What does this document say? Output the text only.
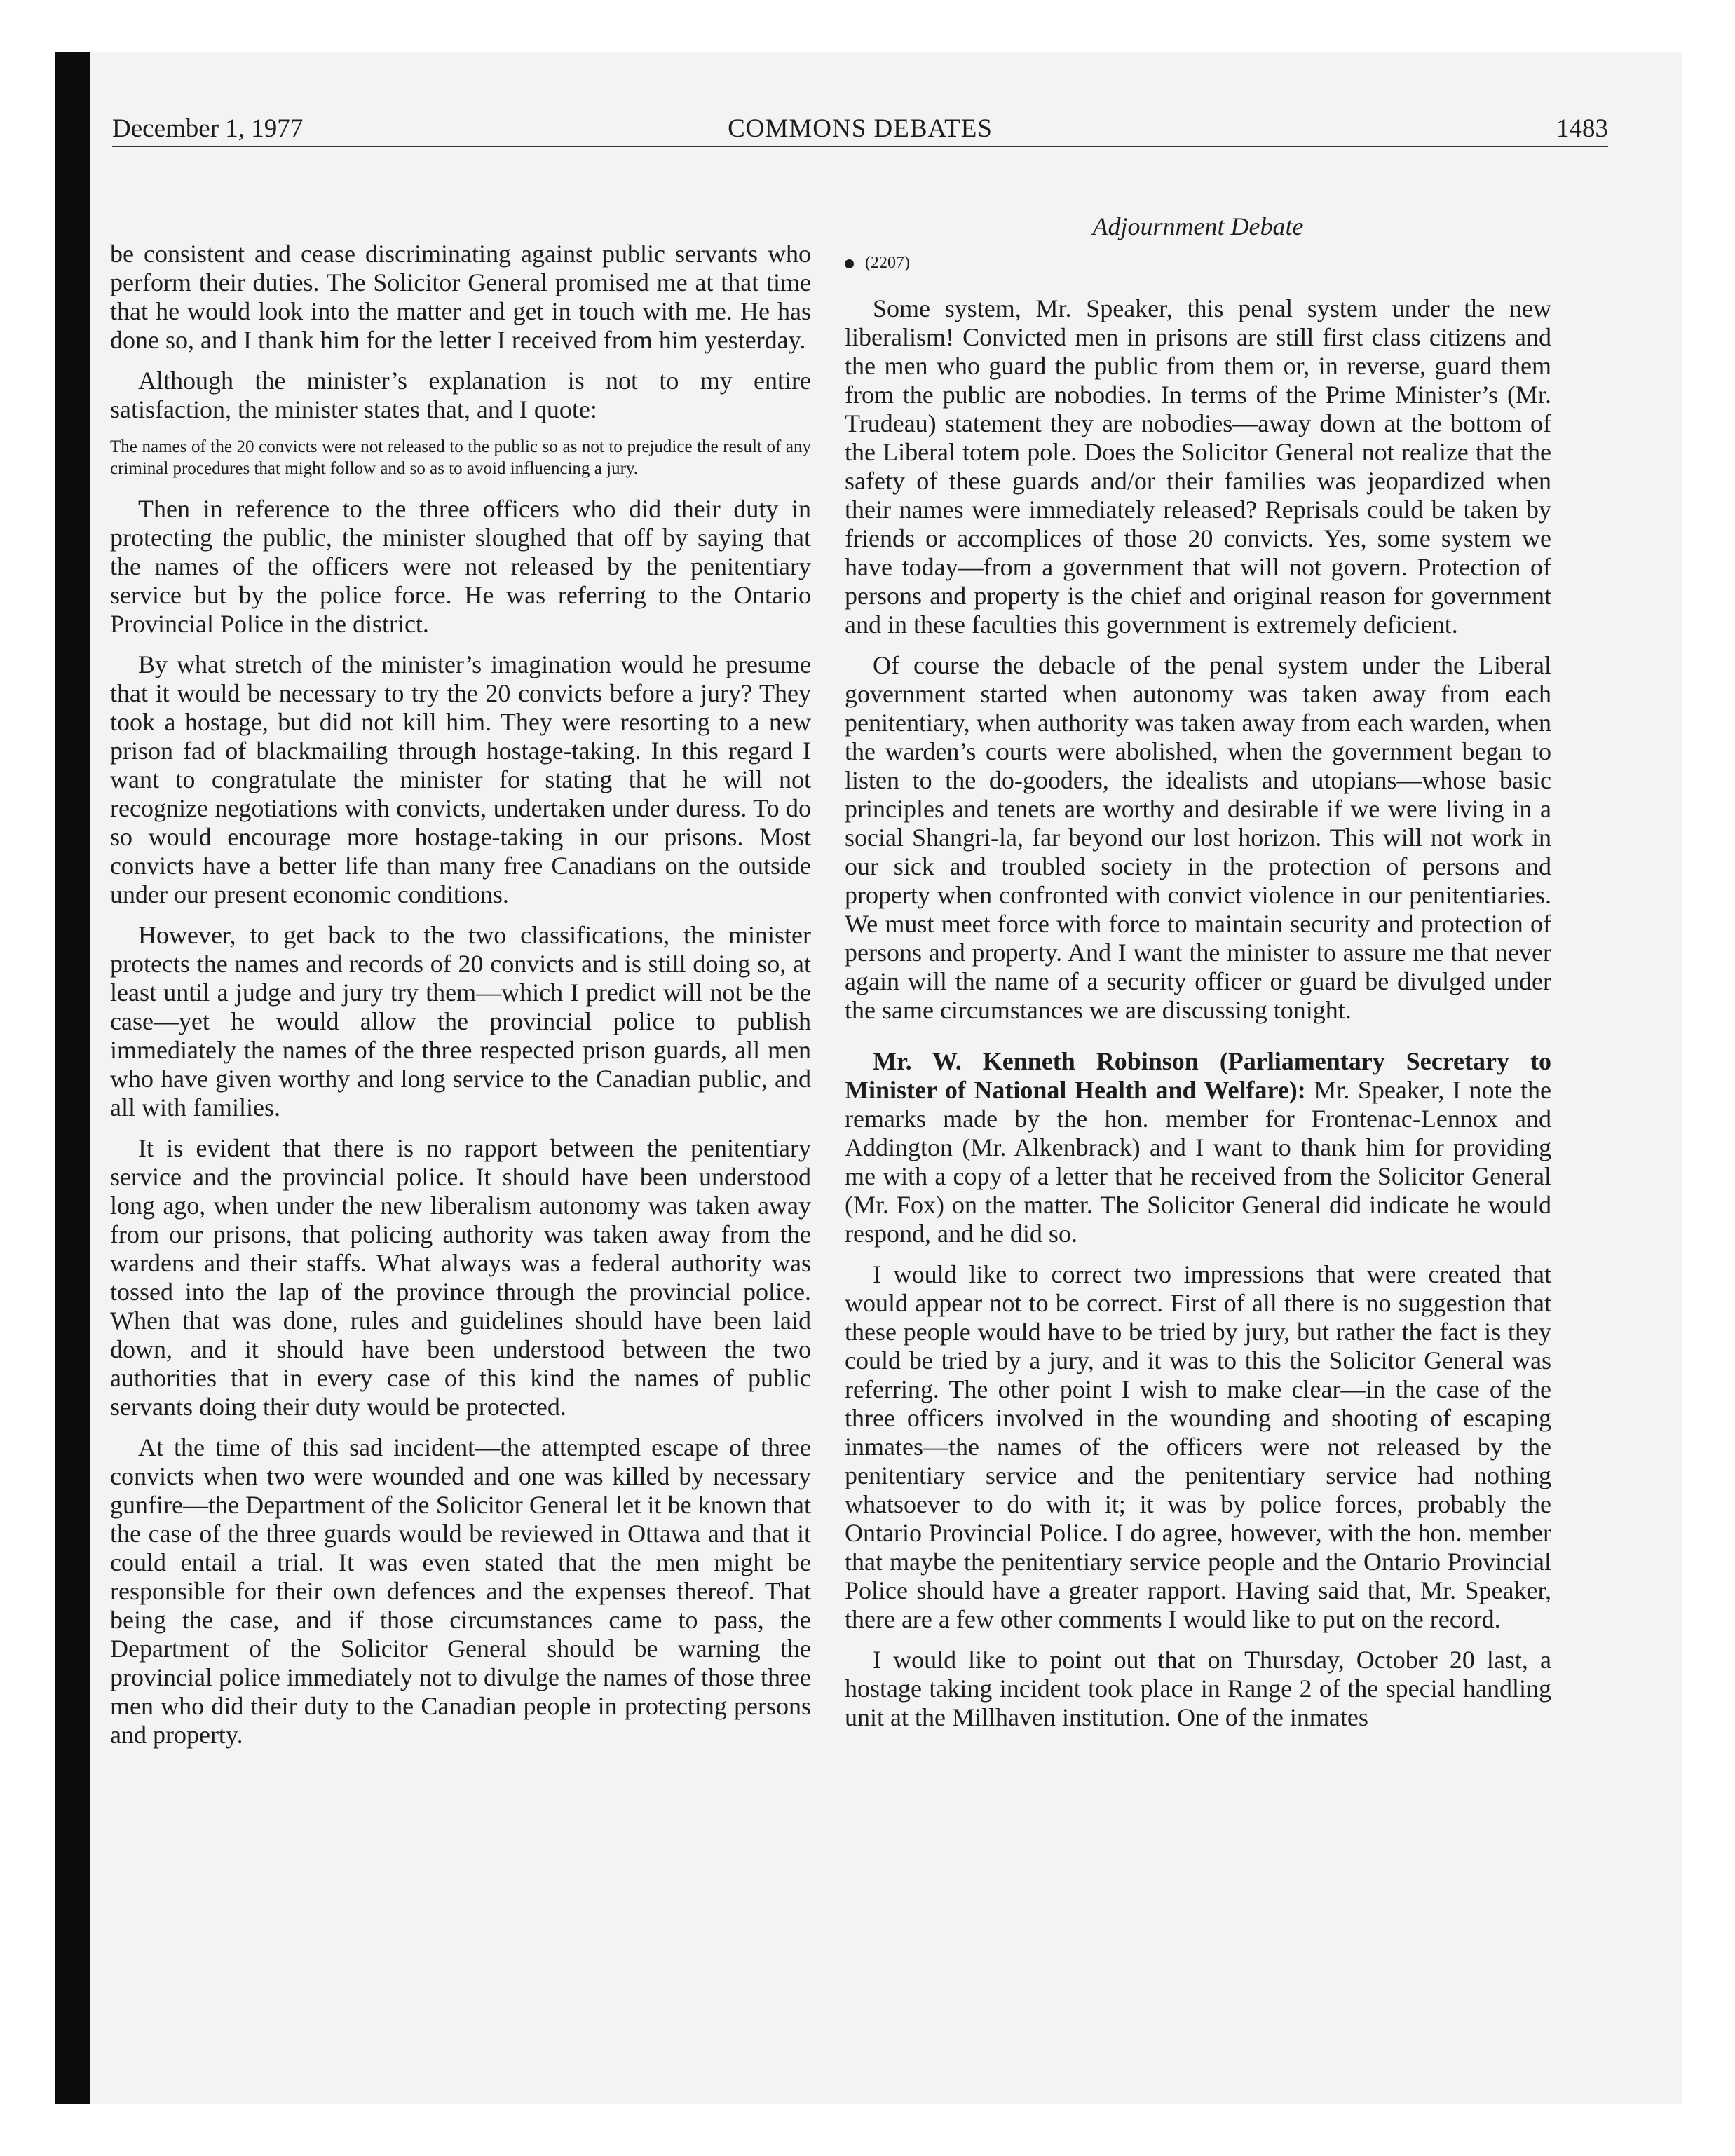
December 1, 1977	COMMONS DEBATES	1483

be consistent and cease discriminating against public servants who perform their duties. The Solicitor General promised me at that time that he would look into the matter and get in touch with me. He has done so, and I thank him for the letter I received from him yesterday.

Although the minister’s explanation is not to my entire satisfaction, the minister states that, and I quote:

The names of the 20 convicts were not released to the public so as not to prejudice the result of any criminal procedures that might follow and so as to avoid influencing a jury.

Then in reference to the three officers who did their duty in protecting the public, the minister sloughed that off by saying that the names of the officers were not released by the penitentiary service but by the police force. He was referring to the Ontario Provincial Police in the district.

By what stretch of the minister’s imagination would he presume that it would be necessary to try the 20 convicts before a jury? They took a hostage, but did not kill him. They were resorting to a new prison fad of blackmailing through hostage-taking. In this regard I want to congratulate the minister for stating that he will not recognize negotiations with convicts, undertaken under duress. To do so would encourage more hostage-taking in our prisons. Most convicts have a better life than many free Canadians on the outside under our present economic conditions.

However, to get back to the two classifications, the minister protects the names and records of 20 convicts and is still doing so, at least until a judge and jury try them—which I predict will not be the case—yet he would allow the provincial police to publish immediately the names of the three respected prison guards, all men who have given worthy and long service to the Canadian public, and all with families.

It is evident that there is no rapport between the penitentiary service and the provincial police. It should have been understood long ago, when under the new liberalism autonomy was taken away from our prisons, that policing authority was taken away from the wardens and their staffs. What always was a federal authority was tossed into the lap of the province through the provincial police. When that was done, rules and guidelines should have been laid down, and it should have been understood between the two authorities that in every case of this kind the names of public servants doing their duty would be protected.

At the time of this sad incident—the attempted escape of three convicts when two were wounded and one was killed by necessary gunfire—the Department of the Solicitor General let it be known that the case of the three guards would be reviewed in Ottawa and that it could entail a trial. It was even stated that the men might be responsible for their own defences and the expenses thereof. That being the case, and if those circumstances came to pass, the Department of the Solicitor General should be warning the provincial police immediately not to divulge the names of those three men who did their duty to the Canadian people in protecting persons and property.

Adjournment Debate
(2207)

Some system, Mr. Speaker, this penal system under the new liberalism! Convicted men in prisons are still first class citizens and the men who guard the public from them or, in reverse, guard them from the public are nobodies. In terms of the Prime Minister’s (Mr. Trudeau) statement they are nobodies—away down at the bottom of the Liberal totem pole. Does the Solicitor General not realize that the safety of these guards and/or their families was jeopardized when their names were immediately released? Reprisals could be taken by friends or accomplices of those 20 convicts. Yes, some system we have today—from a government that will not govern. Protection of persons and property is the chief and original reason for government and in these faculties this government is extremely deficient.

Of course the debacle of the penal system under the Liberal government started when autonomy was taken away from each penitentiary, when authority was taken away from each warden, when the warden’s courts were abolished, when the government began to listen to the do-gooders, the idealists and utopians—whose basic principles and tenets are worthy and desirable if we were living in a social Shangri-la, far beyond our lost horizon. This will not work in our sick and troubled society in the protection of persons and property when confronted with convict violence in our penitentiaries. We must meet force with force to maintain security and protection of persons and property. And I want the minister to assure me that never again will the name of a security officer or guard be divulged under the same circumstances we are discussing tonight.

Mr. W. Kenneth Robinson (Parliamentary Secretary to Minister of National Health and Welfare): Mr. Speaker, I note the remarks made by the hon. member for Frontenac-Lennox and Addington (Mr. Alkenbrack) and I want to thank him for providing me with a copy of a letter that he received from the Solicitor General (Mr. Fox) on the matter. The Solicitor General did indicate he would respond, and he did so.

I would like to correct two impressions that were created that would appear not to be correct. First of all there is no suggestion that these people would have to be tried by jury, but rather the fact is they could be tried by a jury, and it was to this the Solicitor General was referring. The other point I wish to make clear—in the case of the three officers involved in the wounding and shooting of escaping inmates—the names of the officers were not released by the penitentiary service and the penitentiary service had nothing whatsoever to do with it; it was by police forces, probably the Ontario Provincial Police. I do agree, however, with the hon. member that maybe the penitentiary service people and the Ontario Provincial Police should have a greater rapport. Having said that, Mr. Speaker, there are a few other comments I would like to put on the record.

I would like to point out that on Thursday, October 20 last, a hostage taking incident took place in Range 2 of the special handling unit at the Millhaven institution. One of the inmates
